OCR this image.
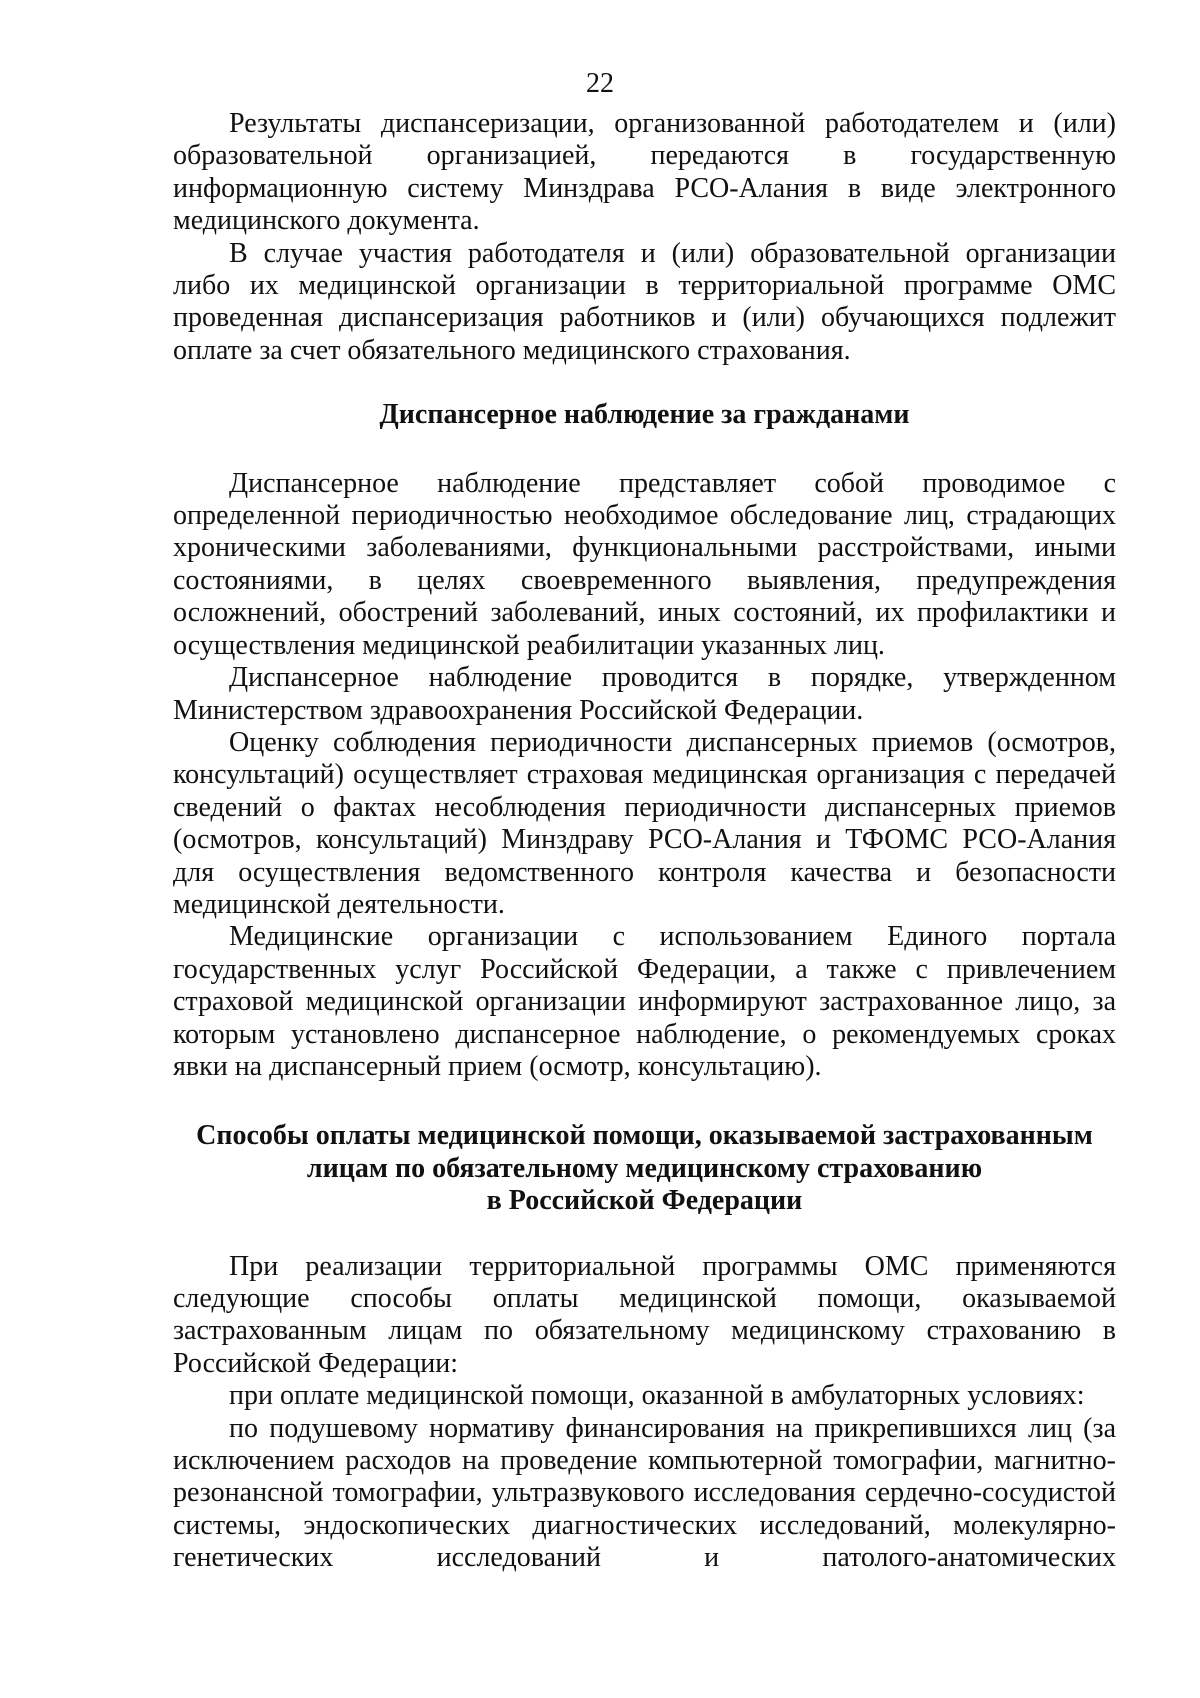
22

Результаты диспансеризации, организованной работодателем и (или) образовательной организацией, передаются в государственную информационную систему Минздрава РСО-Алания в виде электронного медицинского документа.

В случае участия работодателя и (или) образовательной организации либо их медицинской организации в территориальной программе ОМС проведенная диспансеризация работников и (или) обучающихся подлежит оплате за счет обязательного медицинского страхования.

Диспансерное наблюдение за гражданами

Диспансерное наблюдение представляет собой проводимое с определенной периодичностью необходимое обследование лиц, страдающих хроническими заболеваниями, функциональными расстройствами, иными состояниями, в целях своевременного выявления, предупреждения осложнений, обострений заболеваний, иных состояний, их профилактики и осуществления медицинской реабилитации указанных лиц.

Диспансерное наблюдение проводится в порядке, утвержденном Министерством здравоохранения Российской Федерации.

Оценку соблюдения периодичности диспансерных приемов (осмотров, консультаций) осуществляет страховая медицинская организация с передачей сведений о фактах несоблюдения периодичности диспансерных приемов (осмотров, консультаций) Минздраву РСО-Алания и ТФОМС РСО-Алания для осуществления ведомственного контроля качества и безопасности медицинской деятельности.

Медицинские организации с использованием Единого портала государственных услуг Российской Федерации, а также с привлечением страховой медицинской организации информируют застрахованное лицо, за которым установлено диспансерное наблюдение, о рекомендуемых сроках явки на диспансерный прием (осмотр, консультацию).

Способы оплаты медицинской помощи, оказываемой застрахованным
лицам по обязательному медицинскому страхованию
в Российской Федерации

При реализации территориальной программы ОМС применяются следующие способы оплаты медицинской помощи, оказываемой застрахованным лицам по обязательному медицинскому страхованию в Российской Федерации:

при оплате медицинской помощи, оказанной в амбулаторных условиях:

по подушевому нормативу финансирования на прикрепившихся лиц (за исключением расходов на проведение компьютерной томографии, магнитно-резонансной томографии, ультразвукового исследования сердечно-сосудистой системы, эндоскопических диагностических исследований, молекулярно-генетических исследований и патолого-анатомических
